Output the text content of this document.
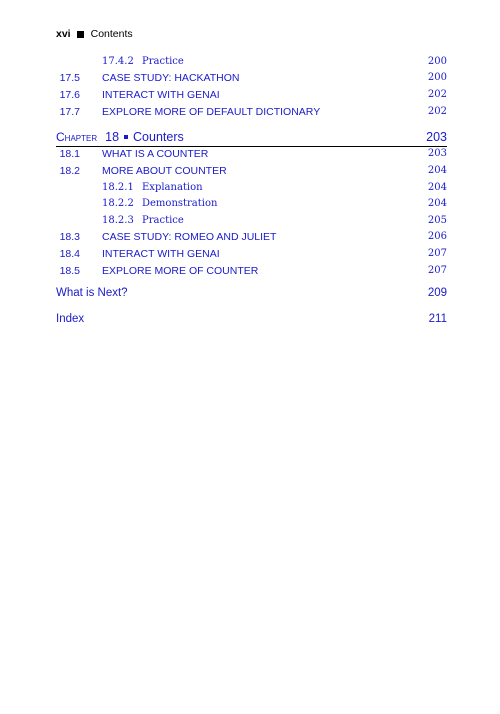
xvi Contents
17.4.2 Practice	200
17.5 CASE STUDY: HACKATHON	200
17.6 INTERACT WITH GENAI	202
17.7 EXPLORE MORE OF DEFAULT DICTIONARY	202
Chapter 18 Counters	203
18.1 WHAT IS A COUNTER	203
18.2 MORE ABOUT COUNTER	204
18.2.1 Explanation	204
18.2.2 Demonstration	204
18.2.3 Practice	205
18.3 CASE STUDY: ROMEO AND JULIET	206
18.4 INTERACT WITH GENAI	207
18.5 EXPLORE MORE OF COUNTER	207
What is Next?	209
Index	211
